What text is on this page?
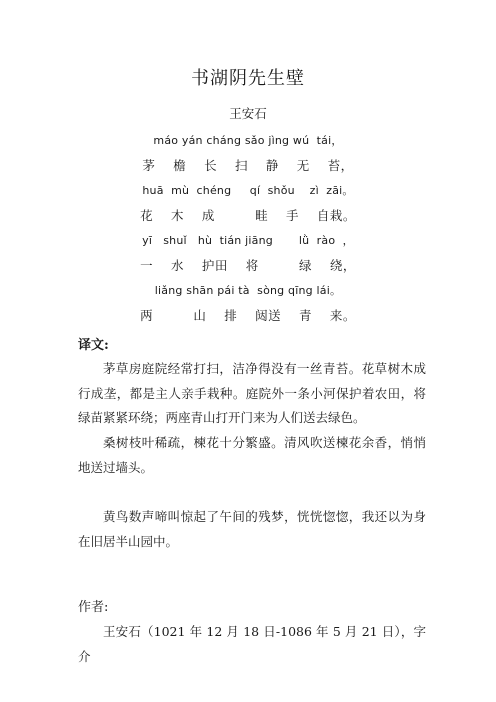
书湖阴先生壁
王安石
máo yán cháng sǎo jìng wú  tái，
茅    檐    长    扫    静    无    苔，
huā  mù  chéng     qí  shǒu    zì  zāi。
花    木    成         畦    手    自栽。
yī   shuǐ   hù  tián jiāng       lǜ  rào  ，
一    水    护田    将         绿    绕，
liǎng shān pái tà  sòng qīng lái。
两         山    排    闼送    青    来。
译文:

茅草房庭院经常打扫，洁净得没有一丝青苔。花草树木成行成垄，都是主人亲手栽种。庭院外一条小河保护着农田，将绿苗紧紧环绕；两座青山打开门来为人们送去绿色。

桑树枝叶稀疏，楝花十分繁盛。清风吹送楝花余香，悄悄地送过墙头。

黄鸟数声啼叫惊起了午间的残梦，恍恍惚惚，我还以为身在旧居半山园中。

作者:

王安石（1021 年 12 月 18 日-1086 年 5 月 21 日），字介
